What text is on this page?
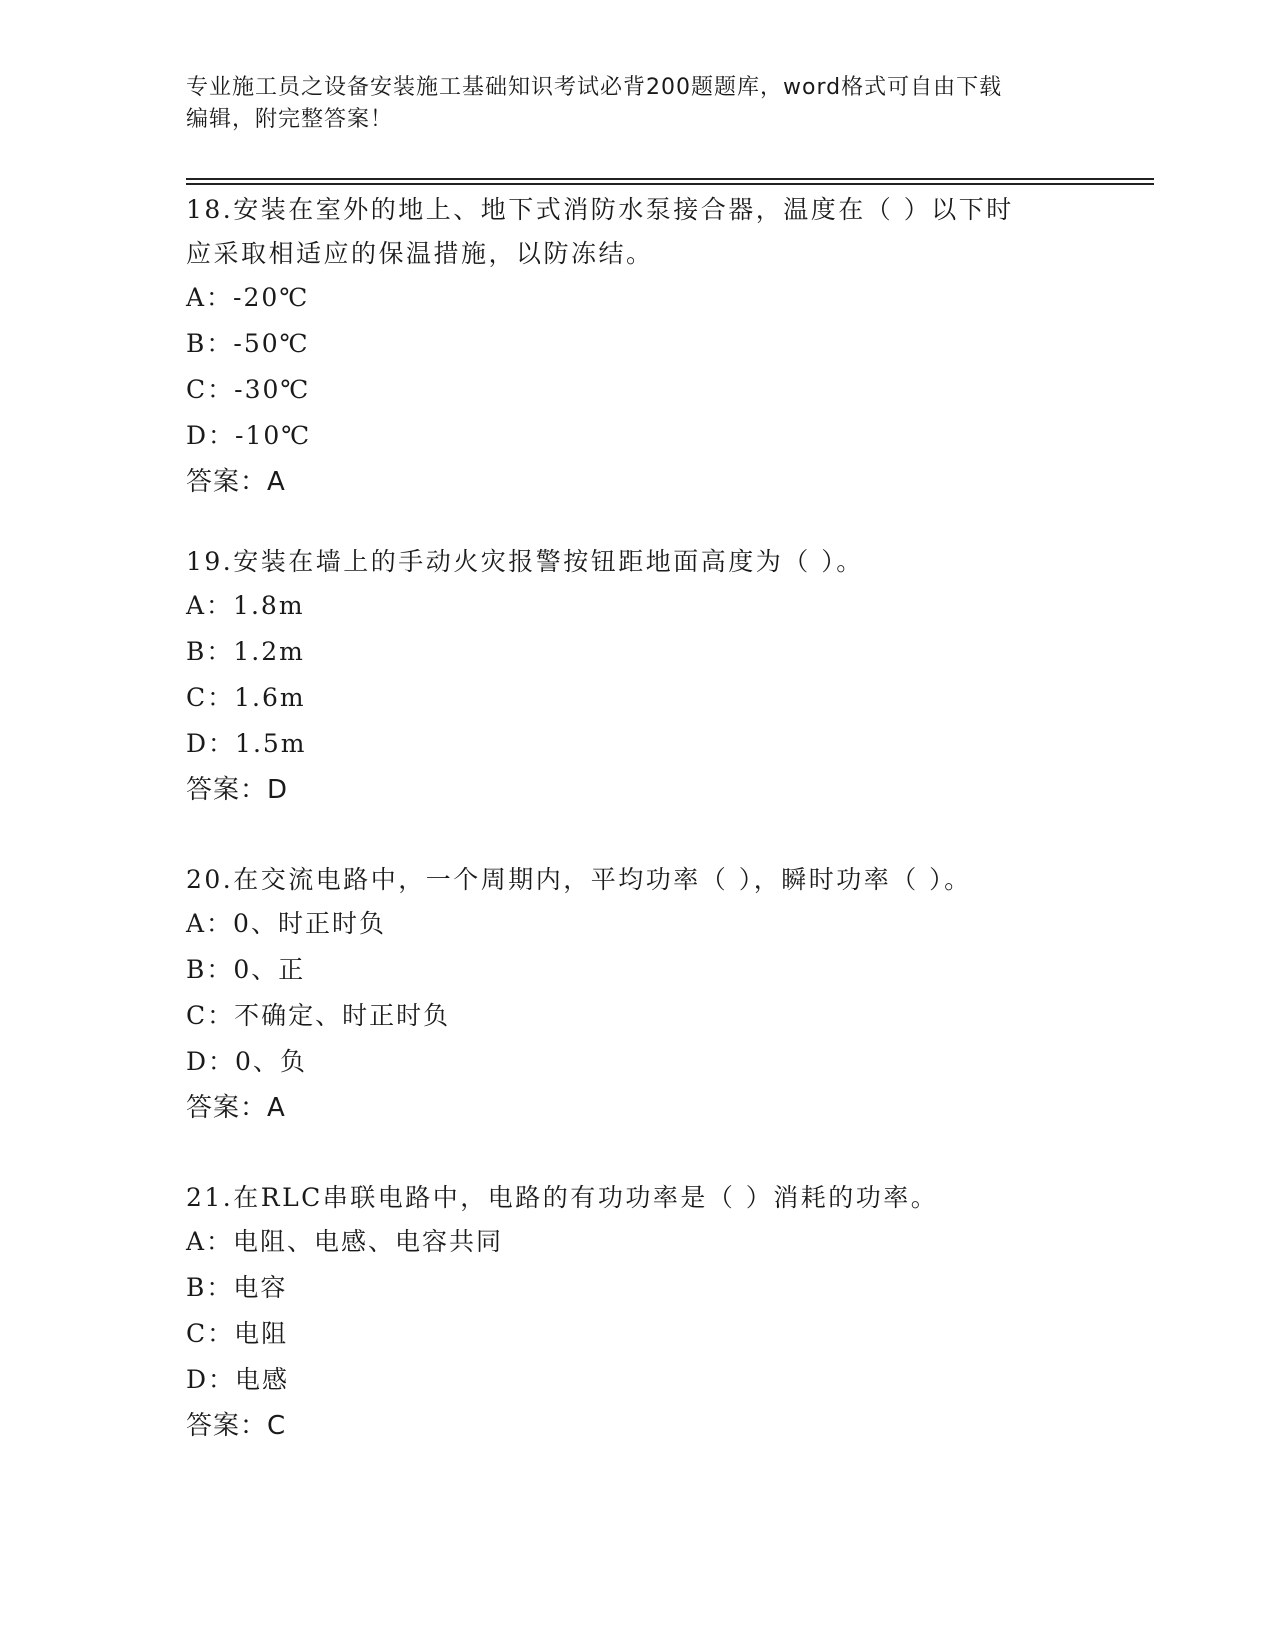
专业施工员之设备安装施工基础知识考试必背200题题库，word格式可自由下载
编辑，附完整答案！
18.安装在室外的地上、地下式消防水泵接合器，温度在（ ）以下时
应采取相适应的保温措施，以防冻结。
A：-20℃
B：-50℃
C：-30℃
D：-10℃
答案：A
19.安装在墙上的手动火灾报警按钮距地面高度为（ ）。
A：1.8m
B：1.2m
C：1.6m
D：1.5m
答案：D
20.在交流电路中，一个周期内，平均功率（ ），瞬时功率（ ）。
A：0、时正时负
B：0、正
C：不确定、时正时负
D：0、负
答案：A
21.在RLC串联电路中，电路的有功功率是（ ）消耗的功率。
A：电阻、电感、电容共同
B：电容
C：电阻
D：电感
答案：C
